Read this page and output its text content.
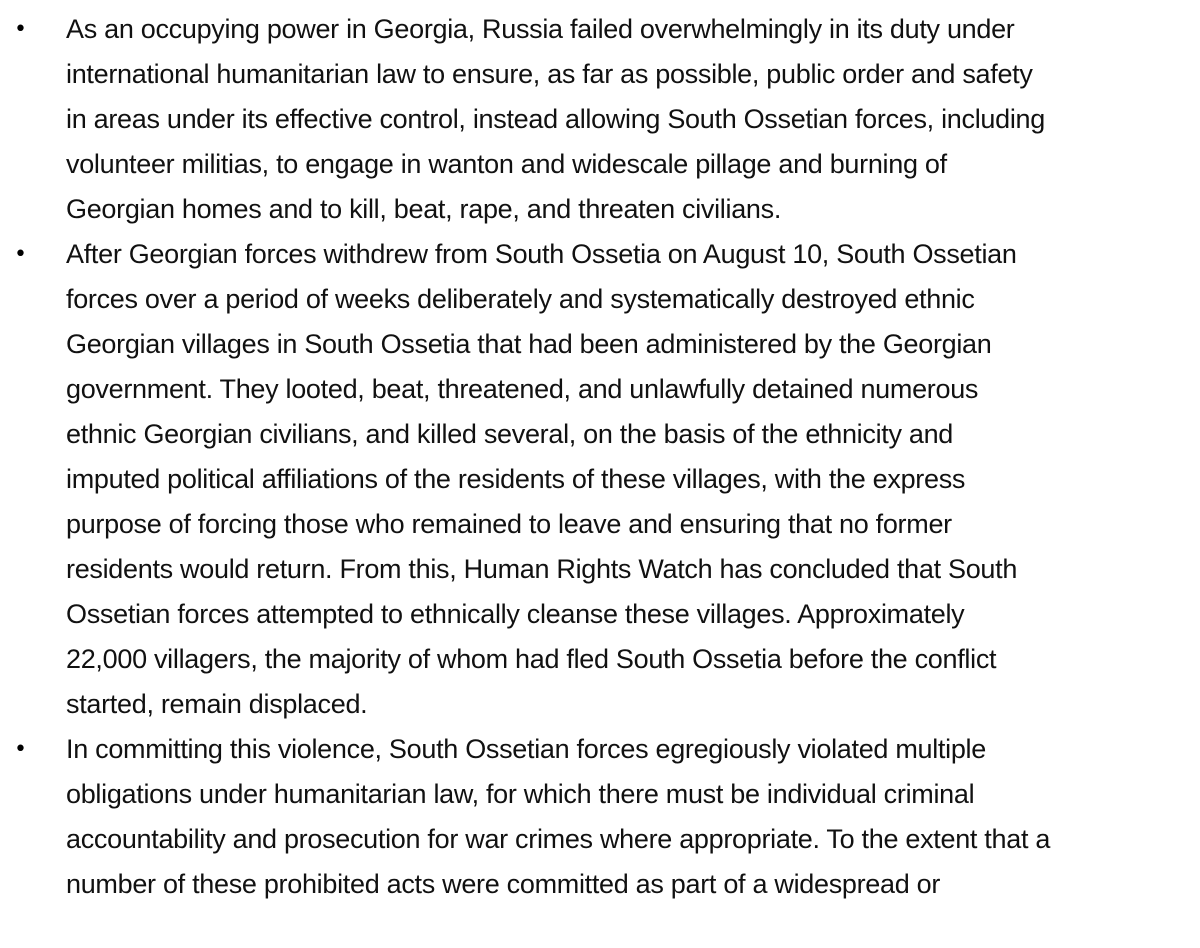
• As an occupying power in Georgia, Russia failed overwhelmingly in its duty under
international humanitarian law to ensure, as far as possible, public order and safety
in areas under its effective control, instead allowing South Ossetian forces, including
volunteer militias, to engage in wanton and widescale pillage and burning of
Georgian homes and to kill, beat, rape, and threaten civilians.
• After Georgian forces withdrew from South Ossetia on August 10, South Ossetian
forces over a period of weeks deliberately and systematically destroyed ethnic
Georgian villages in South Ossetia that had been administered by the Georgian
government. They looted, beat, threatened, and unlawfully detained numerous
ethnic Georgian civilians, and killed several, on the basis of the ethnicity and
imputed political affiliations of the residents of these villages, with the express
purpose of forcing those who remained to leave and ensuring that no former
residents would return. From this, Human Rights Watch has concluded that South
Ossetian forces attempted to ethnically cleanse these villages. Approximately
22,000 villagers, the majority of whom had fled South Ossetia before the conflict
started, remain displaced.
• In committing this violence, South Ossetian forces egregiously violated multiple
obligations under humanitarian law, for which there must be individual criminal
accountability and prosecution for war crimes where appropriate. To the extent that a
number of these prohibited acts were committed as part of a widespread or
